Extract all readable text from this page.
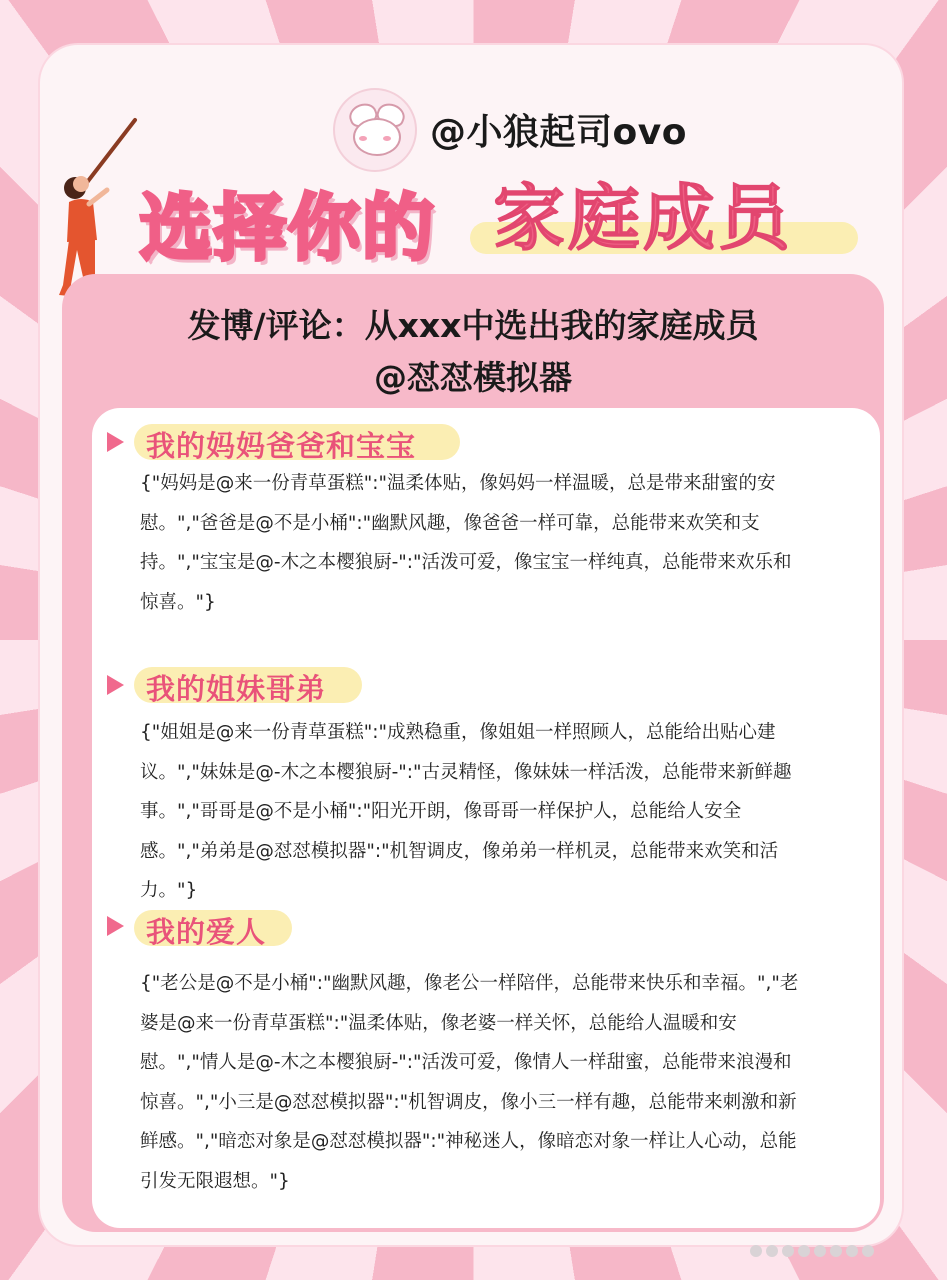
@小狼起司ovo
选择你的 家庭成员
发博/评论：从xxx中选出我的家庭成员
@怼怼模拟器
我的妈妈爸爸和宝宝
{"妈妈是@来一份青草蛋糕":"温柔体贴，像妈妈一样温暖，总是带来甜蜜的安慰。","爸爸是@不是小桶":"幽默风趣，像爸爸一样可靠，总能带来欢笑和支持。","宝宝是@-木之本樱狼厨-":"活泼可爱，像宝宝一样纯真，总能带来欢乐和惊喜。"}
我的姐妹哥弟
{"姐姐是@来一份青草蛋糕":"成熟稳重，像姐姐一样照顾人，总能给出贴心建议。","妹妹是@-木之本樱狼厨-":"古灵精怪，像妹妹一样活泼，总能带来新鲜趣事。","哥哥是@不是小桶":"阳光开朗，像哥哥一样保护人，总能给人安全感。","弟弟是@怼怼模拟器":"机智调皮，像弟弟一样机灵，总能带来欢笑和活力。"}
我的爱人
{"老公是@不是小桶":"幽默风趣，像老公一样陪伴，总能带来快乐和幸福。","老婆是@来一份青草蛋糕":"温柔体贴，像老婆一样关怀，总能给人温暖和安慰。","情人是@-木之本樱狼厨-":"活泼可爱，像情人一样甜蜜，总能带来浪漫和惊喜。","小三是@怼怼模拟器":"机智调皮，像小三一样有趣，总能带来刺激和新鲜感。","暗恋对象是@怼怼模拟器":"神秘迷人，像暗恋对象一样让人心动，总能引发无限遐想。"}
